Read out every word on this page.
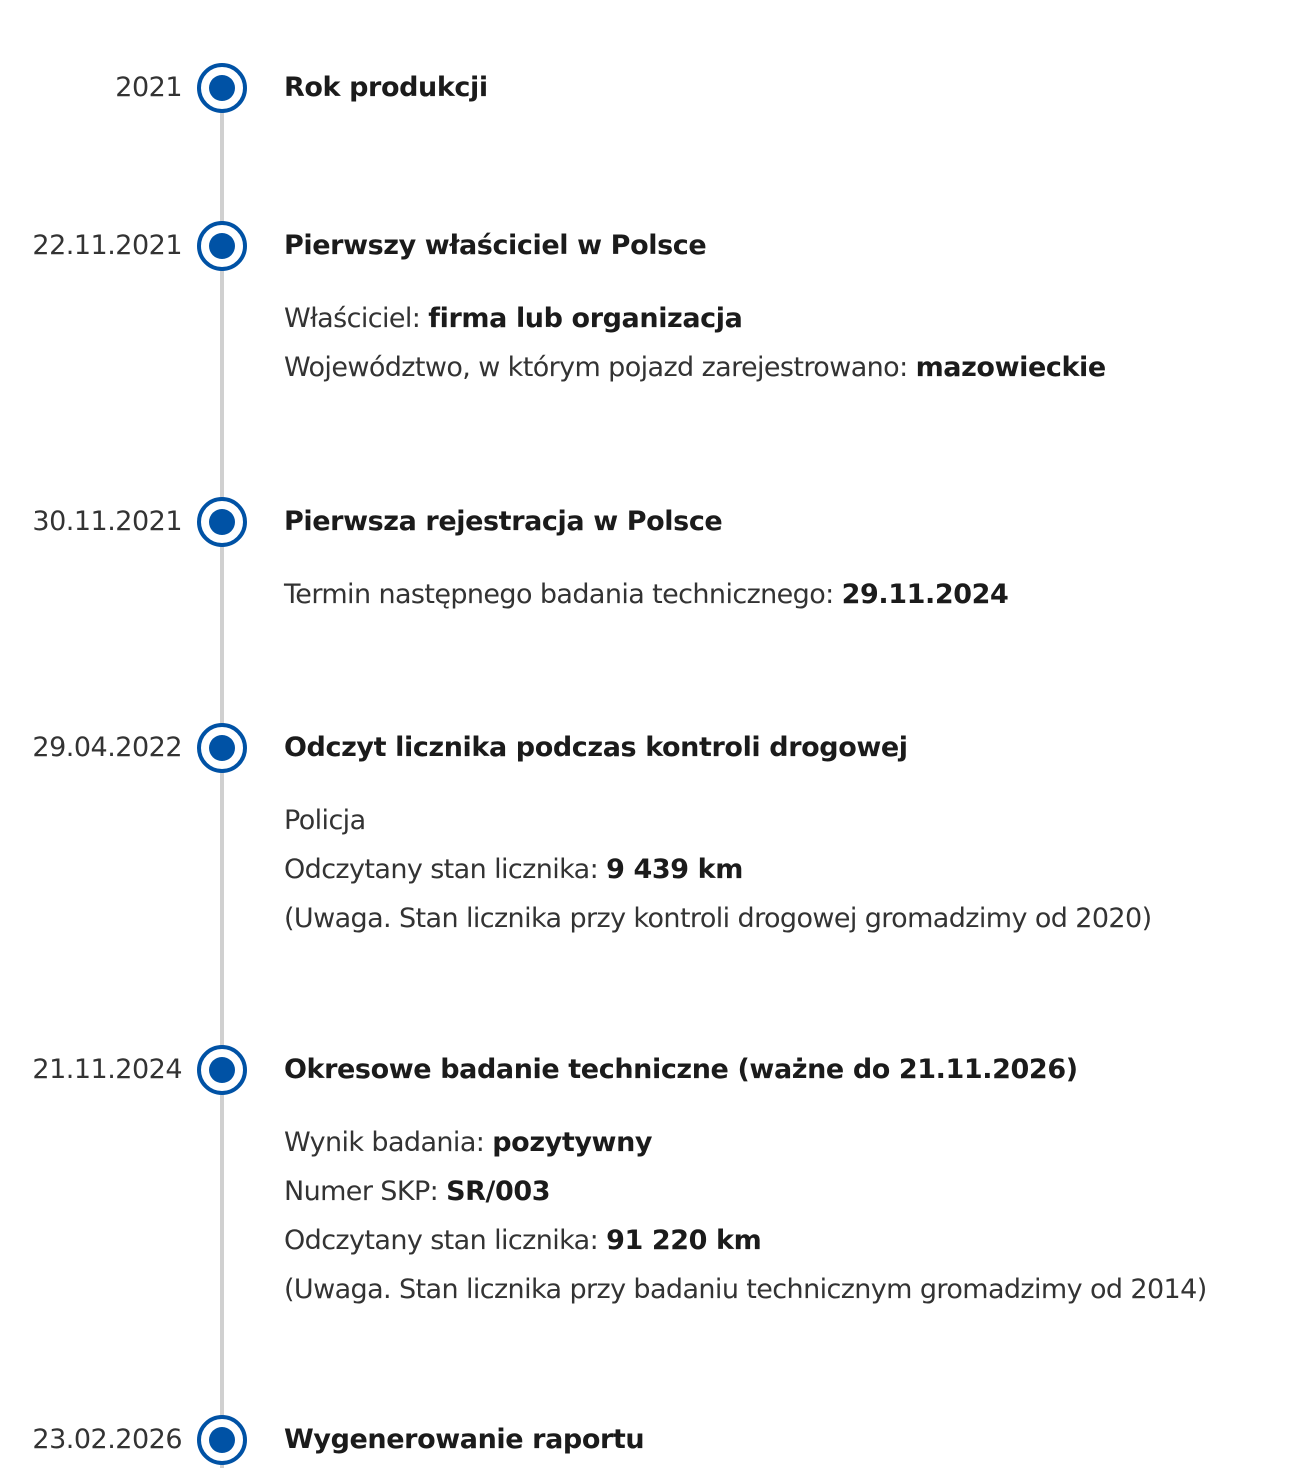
2021	Rok produkcji
22.11.2021	Pierwszy właściciel w Polsce
Właściciel: firma lub organizacja
Województwo, w którym pojazd zarejestrowano: mazowieckie
30.11.2021	Pierwsza rejestracja w Polsce
Termin następnego badania technicznego: 29.11.2024
29.04.2022	Odczyt licznika podczas kontroli drogowej
Policja
Odczytany stan licznika: 9 439 km
(Uwaga. Stan licznika przy kontroli drogowej gromadzimy od 2020)
21.11.2024	Okresowe badanie techniczne (ważne do 21.11.2026)
Wynik badania: pozytywny
Numer SKP: SR/003
Odczytany stan licznika: 91 220 km
(Uwaga. Stan licznika przy badaniu technicznym gromadzimy od 2014)
23.02.2026	Wygenerowanie raportu
